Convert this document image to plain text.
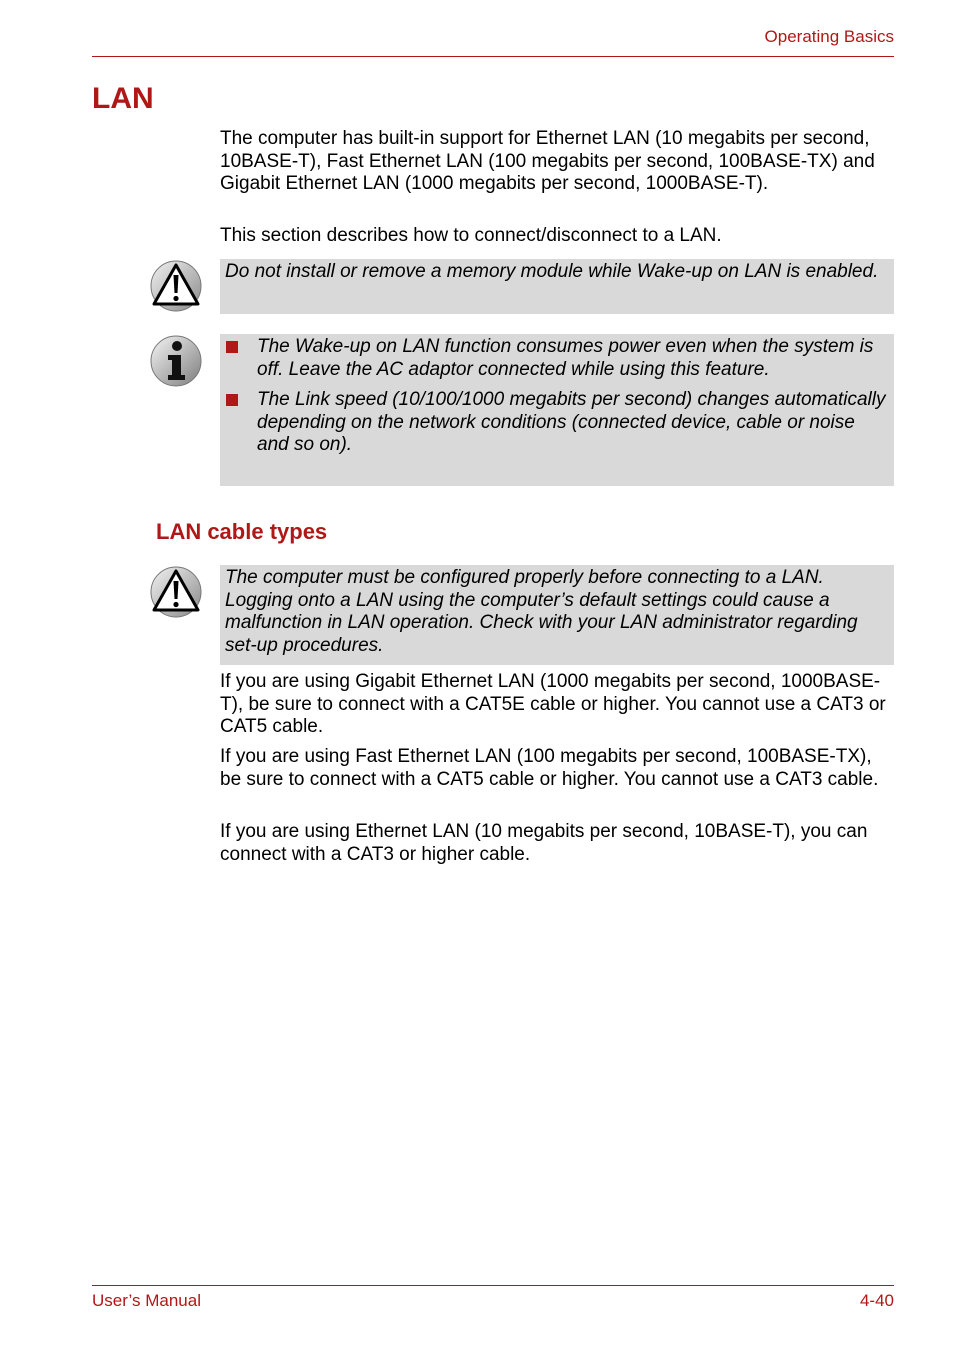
Operating Basics
LAN

The computer has built-in support for Ethernet LAN (10 megabits per second, 10BASE-T), Fast Ethernet LAN (100 megabits per second, 100BASE-TX) and Gigabit Ethernet LAN (1000 megabits per second, 1000BASE-T).

This section describes how to connect/disconnect to a LAN.

Do not install or remove a memory module while Wake-up on LAN is enabled.

The Wake-up on LAN function consumes power even when the system is off. Leave the AC adaptor connected while using this feature.
The Link speed (10/100/1000 megabits per second) changes automatically depending on the network conditions (connected device, cable or noise and so on).
LAN cable types

The computer must be configured properly before connecting to a LAN. Logging onto a LAN using the computer’s default settings could cause a malfunction in LAN operation. Check with your LAN administrator regarding set-up procedures.

If you are using Gigabit Ethernet LAN (1000 megabits per second, 1000BASE-T), be sure to connect with a CAT5E cable or higher. You cannot use a CAT3 or CAT5 cable.

If you are using Fast Ethernet LAN (100 megabits per second, 100BASE-TX), be sure to connect with a CAT5 cable or higher. You cannot use a CAT3 cable.

If you are using Ethernet LAN (10 megabits per second, 10BASE-T), you can connect with a CAT3 or higher cable.

User’s Manual	4-40
